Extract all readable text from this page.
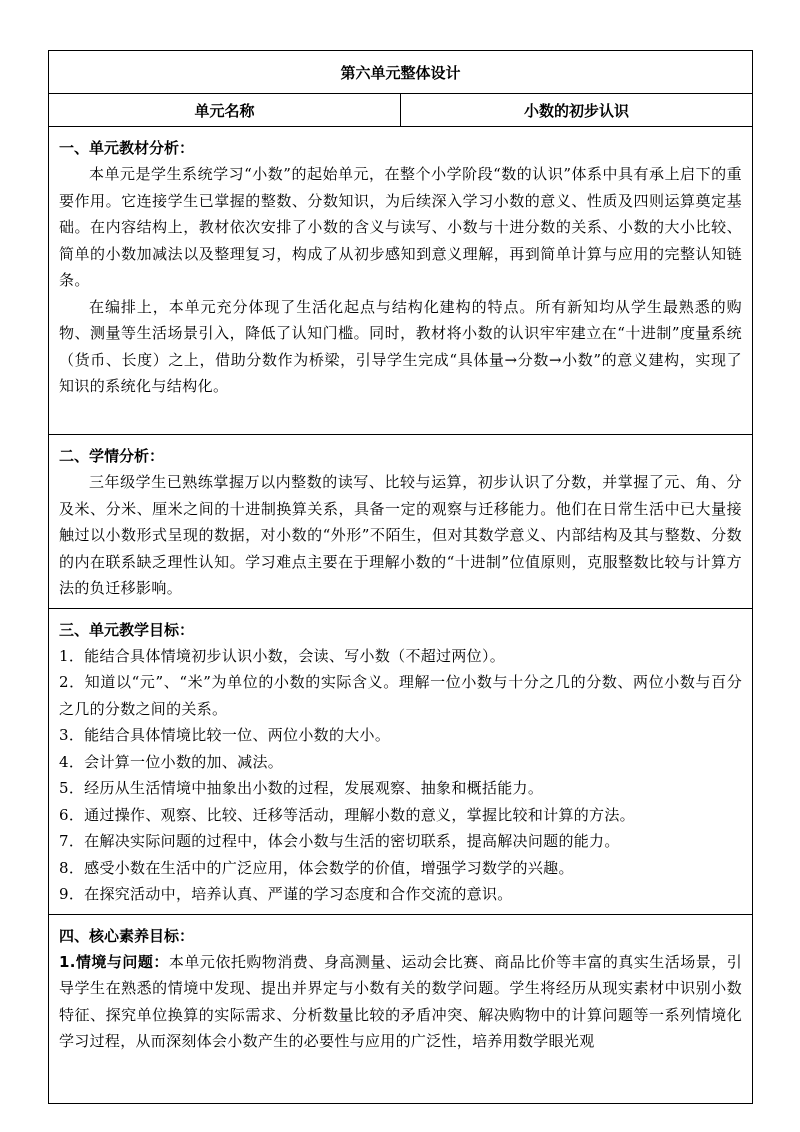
第六单元整体设计
单元名称	小数的初步认识

一、单元教材分析：

本单元是学生系统学习“小数”的起始单元，在整个小学阶段“数的认识”体系中具有承上启下的重要作用。它连接学生已掌握的整数、分数知识，为后续深入学习小数的意义、性质及四则运算奠定基础。在内容结构上，教材依次安排了小数的含义与读写、小数与十进分数的关系、小数的大小比较、简单的小数加减法以及整理复习，构成了从初步感知到意义理解，再到简单计算与应用的完整认知链条。

在编排上，本单元充分体现了生活化起点与结构化建构的特点。所有新知均从学生最熟悉的购物、测量等生活场景引入，降低了认知门槛。同时，教材将小数的认识牢牢建立在“十进制”度量系统（货币、长度）之上，借助分数作为桥梁，引导学生完成“具体量→分数→小数”的意义建构，实现了知识的系统化与结构化。

二、学情分析：

三年级学生已熟练掌握万以内整数的读写、比较与运算，初步认识了分数，并掌握了元、角、分及米、分米、厘米之间的十进制换算关系，具备一定的观察与迁移能力。他们在日常生活中已大量接触过以小数形式呈现的数据，对小数的“外形”不陌生，但对其数学意义、内部结构及其与整数、分数的内在联系缺乏理性认知。学习难点主要在于理解小数的“十进制”位值原则，克服整数比较与计算方法的负迁移影响。

三、单元教学目标：

1．能结合具体情境初步认识小数，会读、写小数（不超过两位）。

2．知道以“元”、“米”为单位的小数的实际含义。理解一位小数与十分之几的分数、两位小数与百分之几的分数之间的关系。

3．能结合具体情境比较一位、两位小数的大小。

4．会计算一位小数的加、减法。

5．经历从生活情境中抽象出小数的过程，发展观察、抽象和概括能力。

6．通过操作、观察、比较、迁移等活动，理解小数的意义，掌握比较和计算的方法。

7．在解决实际问题的过程中，体会小数与生活的密切联系，提高解决问题的能力。

8．感受小数在生活中的广泛应用，体会数学的价值，增强学习数学的兴趣。

9．在探究活动中，培养认真、严谨的学习态度和合作交流的意识。

四、核心素养目标：

1.情境与问题：本单元依托购物消费、身高测量、运动会比赛、商品比价等丰富的真实生活场景，引导学生在熟悉的情境中发现、提出并界定与小数有关的数学问题。学生将经历从现实素材中识别小数特征、探究单位换算的实际需求、分析数量比较的矛盾冲突、解决购物中的计算问题等一系列情境化学习过程，从而深刻体会小数产生的必要性与应用的广泛性，培养用数学眼光观
